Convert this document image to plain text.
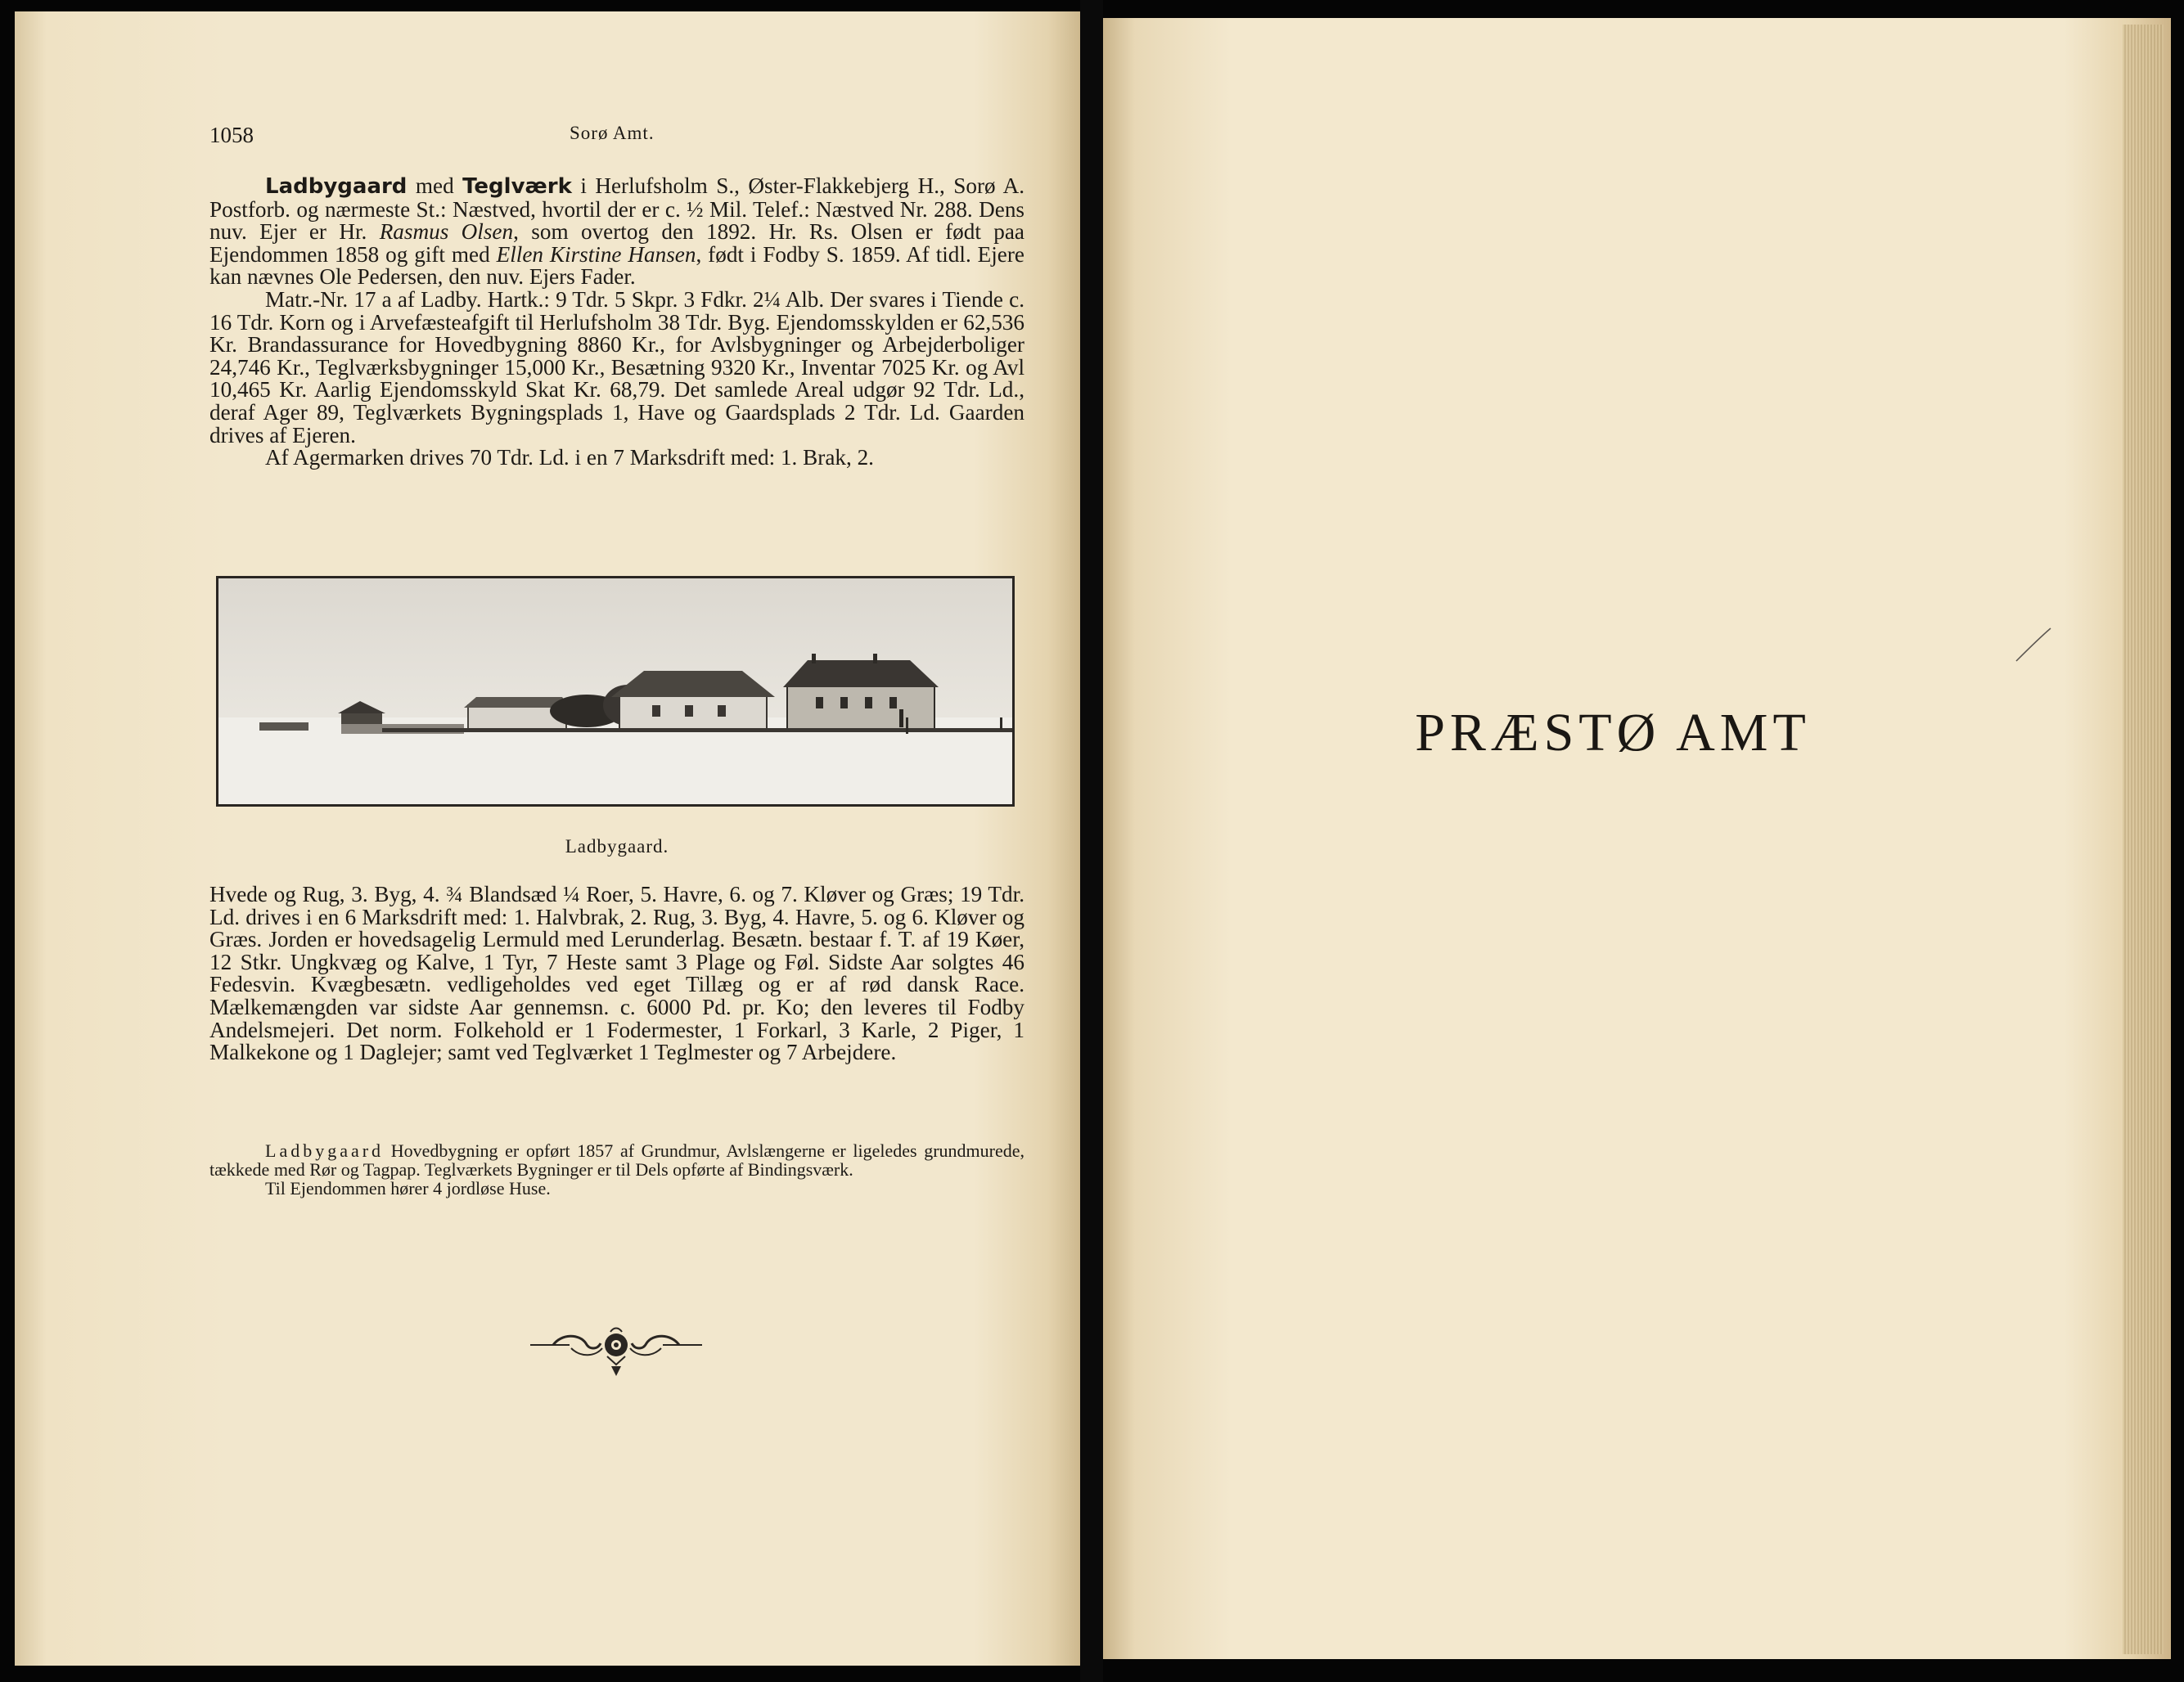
1058	Sorø Amt.

Ladbygaard med Teglværk i Herlufsholm S., Øster-Flakkebjerg H., Sorø A. Postforb. og nærmeste St.: Næstved, hvortil der er c. ½ Mil. Telef.: Næstved Nr. 288. Dens nuv. Ejer er Hr. Rasmus Olsen, som overtog den 1892. Hr. Rs. Olsen er født paa Ejendommen 1858 og gift med Ellen Kirstine Hansen, født i Fodby S. 1859. Af tidl. Ejere kan nævnes Ole Pedersen, den nuv. Ejers Fader.

Matr.-Nr. 17 a af Ladby. Hartk.: 9 Tdr. 5 Skpr. 3 Fdkr. 2¼ Alb. Der svares i Tiende c. 16 Tdr. Korn og i Arvefæsteafgift til Herlufsholm 38 Tdr. Byg. Ejendomsskylden er 62,536 Kr. Brandassurance for Hovedbygning 8860 Kr., for Avlsbygninger og Arbejderboliger 24,746 Kr., Teglværksbygninger 15,000 Kr., Besætning 9320 Kr., Inventar 7025 Kr. og Avl 10,465 Kr. Aarlig Ejendomsskyld Skat Kr. 68,79. Det samlede Areal udgør 92 Tdr. Ld., deraf Ager 89, Teglværkets Bygningsplads 1, Have og Gaardsplads 2 Tdr. Ld. Gaarden drives af Ejeren.

Af Agermarken drives 70 Tdr. Ld. i en 7 Marksdrift med: 1. Brak, 2.

Ladbygaard.

Hvede og Rug, 3. Byg, 4. ¾ Blandsæd ¼ Roer, 5. Havre, 6. og 7. Kløver og Græs; 19 Tdr. Ld. drives i en 6 Marksdrift med: 1. Halvbrak, 2. Rug, 3. Byg, 4. Havre, 5. og 6. Kløver og Græs. Jorden er hovedsagelig Lermuld med Lerunderlag. Besætn. bestaar f. T. af 19 Køer, 12 Stkr. Ungkvæg og Kalve, 1 Tyr, 7 Heste samt 3 Plage og Føl. Sidste Aar solgtes 46 Fedesvin. Kvægbesætn. vedligeholdes ved eget Tillæg og er af rød dansk Race. Mælkemængden var sidste Aar gennemsn. c. 6000 Pd. pr. Ko; den leveres til Fodby Andelsmejeri. Det norm. Folkehold er 1 Fodermester, 1 Forkarl, 3 Karle, 2 Piger, 1 Malkekone og 1 Daglejer; samt ved Teglværket 1 Teglmester og 7 Arbejdere.

Ladbygaard Hovedbygning er opført 1857 af Grundmur, Avlslængerne er ligeledes grundmurede, tækkede med Rør og Tagpap. Teglværkets Bygninger er til Dels opførte af Bindingsværk.

Til Ejendommen hører 4 jordløse Huse.

PRÆSTØ AMT
